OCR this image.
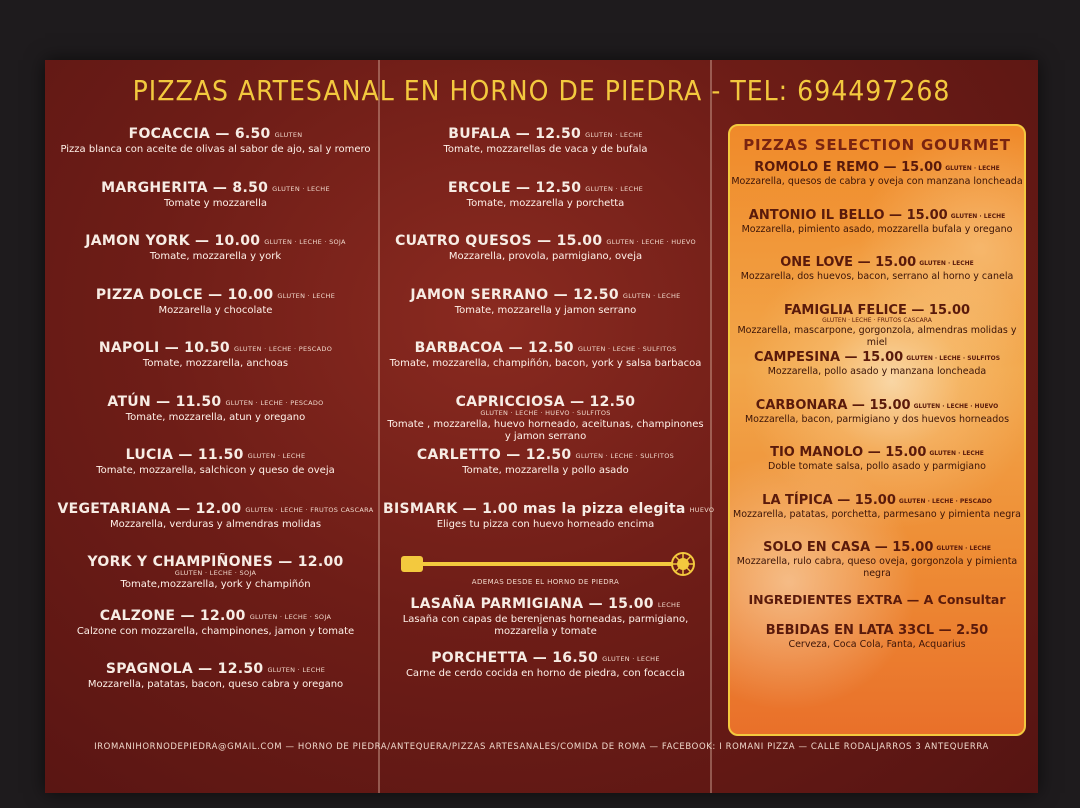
PIZZAS ARTESANAL EN HORNO DE PIEDRA - TEL: 694497268
FOCACCIA — 6.50 GLUTEN
Pizza blanca con aceite de olivas al sabor de ajo, sal y romero
MARGHERITA — 8.50 GLUTEN · LECHE
Tomate y mozzarella
JAMON YORK — 10.00 GLUTEN · LECHE · SOJA
Tomate, mozzarella y york
PIZZA DOLCE — 10.00 GLUTEN · LECHE
Mozzarella y chocolate
NAPOLI — 10.50 GLUTEN · LECHE · PESCADO
Tomate, mozzarella, anchoas
ATÚN — 11.50 GLUTEN · LECHE · PESCADO
Tomate, mozzarella, atun y oregano
LUCIA — 11.50 GLUTEN · LECHE
Tomate, mozzarella, salchicon y queso de oveja
VEGETARIANA — 12.00 GLUTEN · LECHE · FRUTOS CASCARA
Mozzarella, verduras y almendras molidas
YORK Y CHAMPIÑONES — 12.00
GLUTEN · LECHE · SOJA
Tomate,mozzarella, york y champiñón
CALZONE — 12.00 GLUTEN · LECHE · SOJA
Calzone con mozzarella, champinones, jamon y tomate
SPAGNOLA — 12.50 GLUTEN · LECHE
Mozzarella, patatas, bacon, queso cabra y oregano
BUFALA — 12.50 GLUTEN · LECHE
Tomate, mozzarellas de vaca y de bufala
ERCOLE — 12.50 GLUTEN · LECHE
Tomate, mozzarella y porchetta
CUATRO QUESOS — 15.00 GLUTEN · LECHE · HUEVO
Mozzarella, provola, parmigiano, oveja
JAMON SERRANO — 12.50 GLUTEN · LECHE
Tomate, mozzarella y jamon serrano
BARBACOA — 12.50 GLUTEN · LECHE · SULFITOS
Tomate, mozzarella, champiñón, bacon, york y salsa barbacoa
CAPRICCIOSA — 12.50
GLUTEN · LECHE · HUEVO · SULFITOS
Tomate , mozzarella, huevo horneado, aceitunas, champinones y jamon serrano
CARLETTO — 12.50 GLUTEN · LECHE · SULFITOS
Tomate, mozzarella y pollo asado
BISMARK — 1.00 mas la pizza elegita HUEVO
Eliges tu pizza con huevo horneado encima
ADEMAS DESDE EL HORNO DE PIEDRA
LASAÑA PARMIGIANA — 15.00 LECHE
Lasaña con capas de berenjenas horneadas, parmigiano, mozzarella y tomate
PORCHETTA — 16.50 GLUTEN · LECHE
Carne de cerdo cocida en horno de piedra, con focaccia
PIZZAS SELECTION GOURMET
ROMOLO E REMO — 15.00 GLUTEN · LECHE
Mozzarella, quesos de cabra y oveja con manzana loncheada
ANTONIO IL BELLO — 15.00 GLUTEN · LECHE
Mozzarella, pimiento asado, mozzarella bufala y oregano
ONE LOVE — 15.00 GLUTEN · LECHE
Mozzarella, dos huevos, bacon, serrano al horno y canela
FAMIGLIA FELICE — 15.00
GLUTEN · LECHE · FRUTOS CASCARA
Mozzarella, mascarpone, gorgonzola, almendras molidas y miel
CAMPESINA — 15.00 GLUTEN · LECHE · SULFITOS
Mozzarella, pollo asado y manzana loncheada
CARBONARA — 15.00 GLUTEN · LECHE · HUEVO
Mozzarella, bacon, parmigiano y dos huevos horneados
TIO MANOLO — 15.00 GLUTEN · LECHE
Doble tomate salsa, pollo asado y parmigiano
LA TÍPICA — 15.00 GLUTEN · LECHE · PESCADO
Mozzarella, patatas, porchetta, parmesano y pimienta negra
SOLO EN CASA — 15.00 GLUTEN · LECHE
Mozzarella, rulo cabra, queso oveja, gorgonzola y pimienta negra
INGREDIENTES EXTRA — A Consultar
BEBIDAS EN LATA 33CL — 2.50
Cerveza, Coca Cola, Fanta, Acquarius
IROMANIHORNODEPIEDRA@GMAIL.COM — HORNO DE PIEDRA/ANTEQUERA/PIZZAS ARTESANALES/COMIDA DE ROMA — FACEBOOK: I ROMANI PIZZA — CALLE RODALJARROS 3 ANTEQUERRA
